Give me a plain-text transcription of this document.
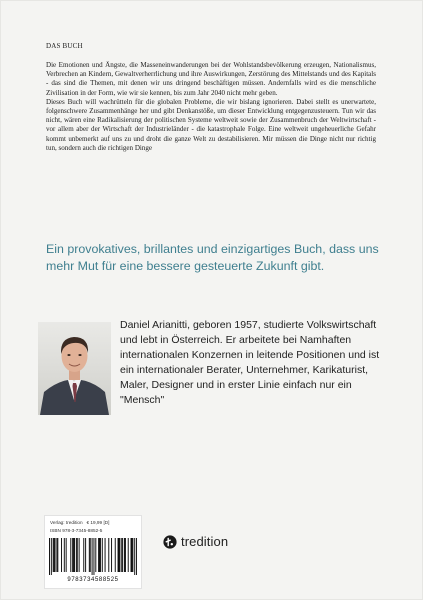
DAS BUCH

Die Emotionen und Ängste, die Masseneinwanderungen bei der Wohlstandsbevölkerung erzeugen, Nationalismus, Verbrechen an Kindern, Gewaltverherrlichung und ihre Auswirkungen, Zerstörung des Mittelstands und des Kapitals - das sind die Themen, mit denen wir uns dringend beschäftigen müssen. Andernfalls wird es die menschliche Zivilisation in der Form, wie wir sie kennen, bis zum Jahr 2040 nicht mehr geben.

Dieses Buch will wachrütteln für die globalen Probleme, die wir bislang ignorieren. Dabei stellt es unerwartete, folgenschwere Zusammenhänge her und gibt Denkanstöße, um dieser Entwicklung entgegenzusteuern. Tun wir das nicht, wären eine Radikalisierung der politischen Systeme weltweit sowie der Zusammenbruch der Weltwirtschaft - vor allem aber der Wirtschaft der Industrieländer - die katastrophale Folge. Eine weltweit ungeheuerliche Gefahr kommt unbemerkt auf uns zu und droht die ganze Welt zu destabilisieren. Mir müssen die Dinge nicht nur richtig tun, sondern auch die richtigen Dinge

Ein provokatives, brillantes und einzigartiges Buch, dass uns mehr Mut für eine bessere gesteuerte Zukunft gibt.
Daniel Arianitti, geboren 1957, studierte Volkswirtschaft und lebt in Österreich. Er arbeitete bei Namhaften internationalen Konzernen in leitende Positionen und ist ein internationaler Berater, Unternehmer, Karikaturist, Maler, Designer und in erster Linie einfach nur ein "Mensch"
Verlag: tredition € 19,99 [D]
ISBN 978-3-7345-8852-5
9783734588525
tredition
